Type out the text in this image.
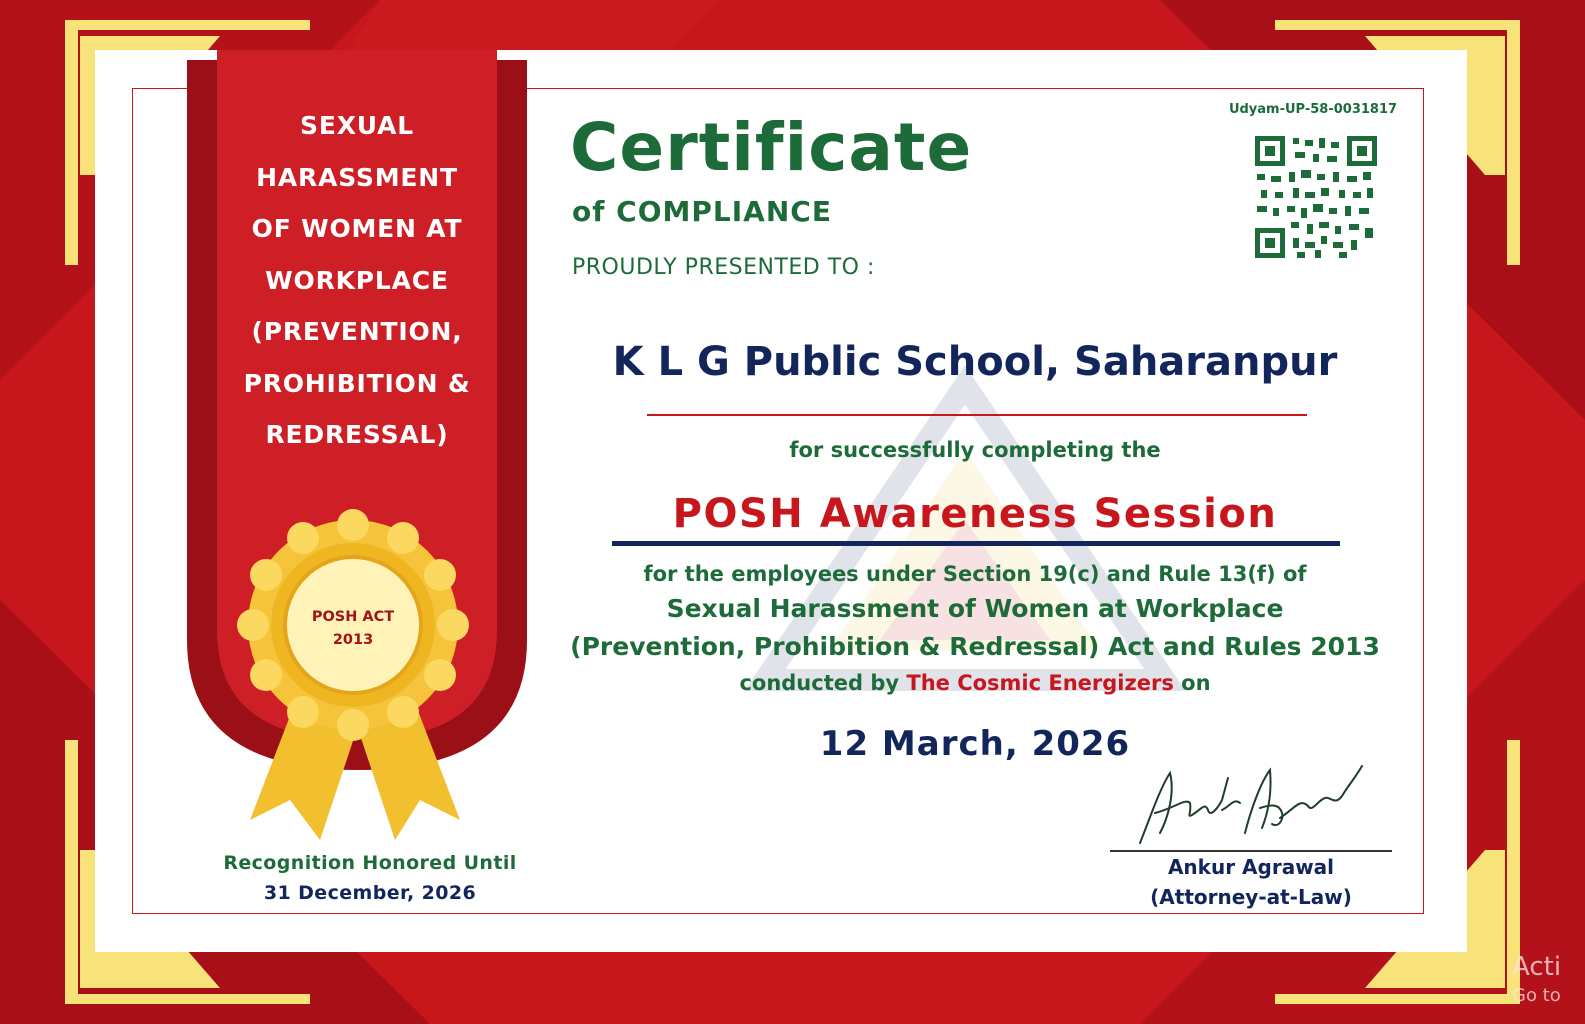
SEXUAL
HARASSMENT
OF WOMEN AT
WORKPLACE
(PREVENTION,
PROHIBITION &
REDRESSAL)
POSH ACT
2013
Recognition Honored Until
31 December, 2026
Certificate
of COMPLIANCE
PROUDLY PRESENTED TO :
Udyam-UP-58-0031817
K L G Public School, Saharanpur
for successfully completing the
POSH Awareness Session
for the employees under Section 19(c) and Rule 13(f) of
Sexual Harassment of Women at Workplace
(Prevention, Prohibition & Redressal) Act and Rules 2013
conducted by The Cosmic Energizers on
12 March, 2026
Ankur Agrawal
(Attorney-at-Law)
Acti
Go to
